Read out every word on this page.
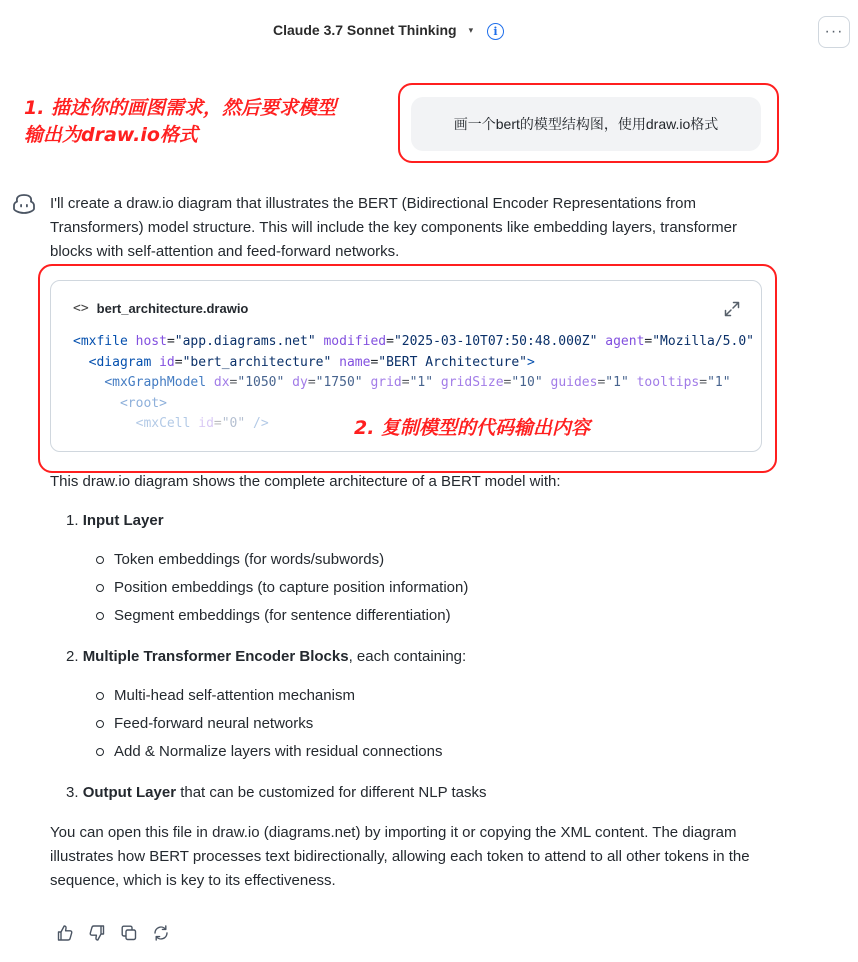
Claude 3.7 Sonnet Thinking ▾	i	···
1. 描述你的画图需求，然后要求模型
输出为draw.io格式	画一个bert的模型结构图，使用draw.io格式
I'll create a draw.io diagram that illustrates the BERT (Bidirectional Encoder Representations from Transformers) model structure. This will include the key components like embedding layers, transformer blocks with self-attention and feed-forward networks.
<> bert_architecture.drawio
<mxfile host="app.diagrams.net" modified="2025-03-10T07:50:48.000Z" agent="Mozilla/5.0"
<diagram id="bert_architecture" name="BERT Architecture">
<mxGraphModel dx="1050" dy="1750" grid="1" gridSize="10" guides="1" tooltips="1"
<root>
<mxCell id="0" />	2. 复制模型的代码输出内容
This draw.io diagram shows the complete architecture of a BERT model with:
1. Input Layer
Token embeddings (for words/subwords)
Position embeddings (to capture position information)
Segment embeddings (for sentence differentiation)
2. Multiple Transformer Encoder Blocks, each containing:
Multi-head self-attention mechanism
Feed-forward neural networks
Add & Normalize layers with residual connections
3. Output Layer that can be customized for different NLP tasks
You can open this file in draw.io (diagrams.net) by importing it or copying the XML content. The diagram illustrates how BERT processes text bidirectionally, allowing each token to attend to all other tokens in the sequence, which is key to its effectiveness.
